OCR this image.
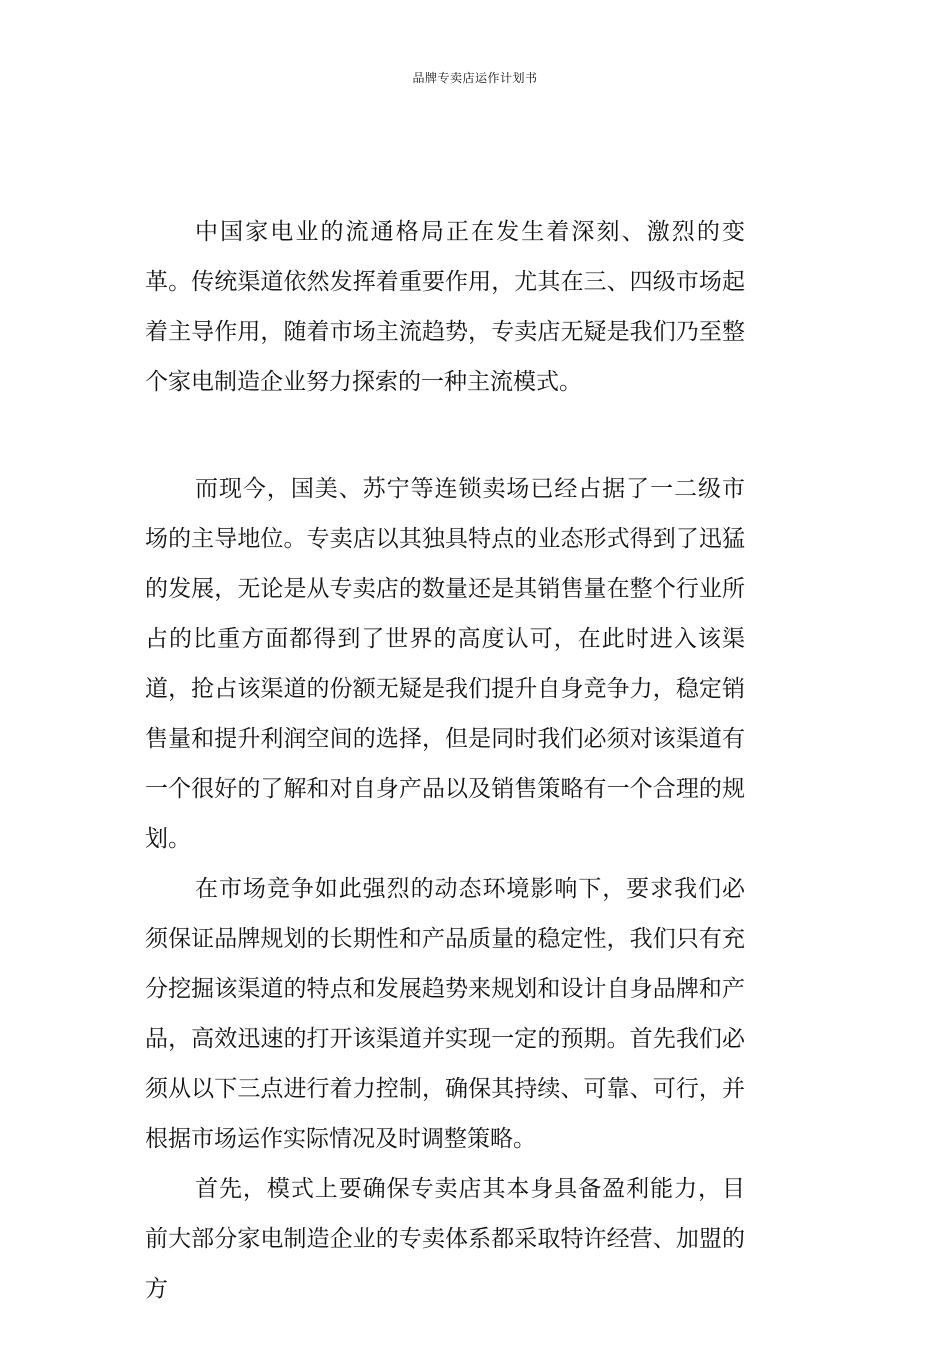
品牌专卖店运作计划书

中国家电业的流通格局正在发生着深刻、激烈的变革。传统渠道依然发挥着重要作用，尤其在三、四级市场起着主导作用，随着市场主流趋势，专卖店无疑是我们乃至整个家电制造企业努力探索的一种主流模式。

而现今，国美、苏宁等连锁卖场已经占据了一二级市场的主导地位。专卖店以其独具特点的业态形式得到了迅猛的发展，无论是从专卖店的数量还是其销售量在整个行业所占的比重方面都得到了世界的高度认可，在此时进入该渠道，抢占该渠道的份额无疑是我们提升自身竞争力，稳定销售量和提升利润空间的选择，但是同时我们必须对该渠道有一个很好的了解和对自身产品以及销售策略有一个合理的规划。

在市场竞争如此强烈的动态环境影响下，要求我们必须保证品牌规划的长期性和产品质量的稳定性，我们只有充分挖掘该渠道的特点和发展趋势来规划和设计自身品牌和产品，高效迅速的打开该渠道并实现一定的预期。首先我们必须从以下三点进行着力控制，确保其持续、可靠、可行，并根据市场运作实际情况及时调整策略。

首先，模式上要确保专卖店其本身具备盈利能力，目前大部分家电制造企业的专卖体系都采取特许经营、加盟的方
